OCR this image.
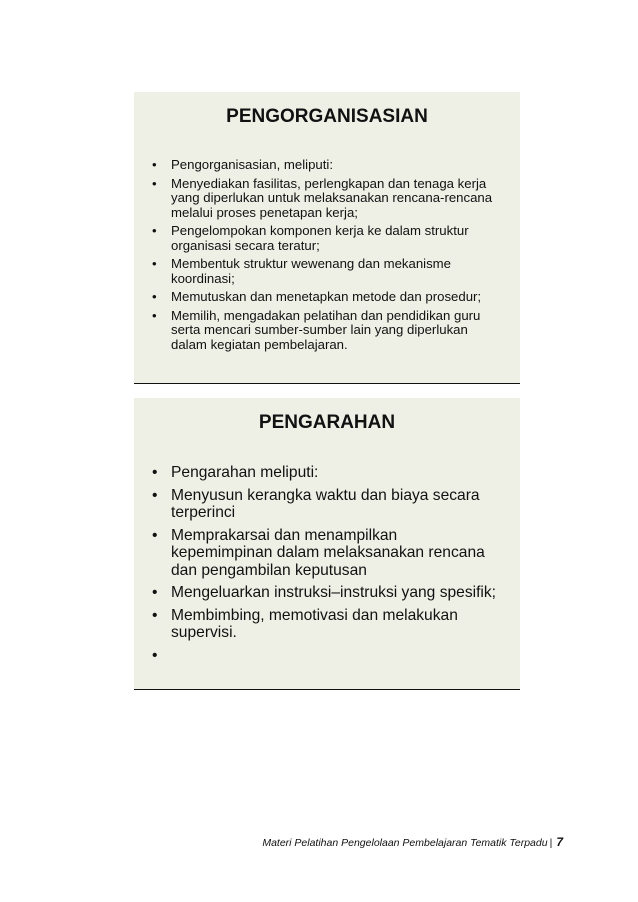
PENGORGANISASIAN
• Pengorganisasian, meliputi:
• Menyediakan fasilitas, perlengkapan dan tenaga kerja yang diperlukan untuk melaksanakan rencana-rencana melalui proses penetapan kerja;
• Pengelompokan komponen kerja ke dalam struktur organisasi secara teratur;
• Membentuk struktur wewenang dan mekanisme koordinasi;
• Memutuskan dan menetapkan metode dan prosedur;
• Memilih, mengadakan pelatihan dan pendidikan guru serta mencari sumber-sumber lain yang diperlukan dalam kegiatan pembelajaran.
PENGARAHAN
• Pengarahan meliputi:
• Menyusun kerangka waktu dan biaya secara terperinci
• Memprakarsai dan menampilkan kepemimpinan dalam melaksanakan rencana dan pengambilan keputusan
• Mengeluarkan instruksi–instruksi yang spesifik;
• Membimbing, memotivasi dan melakukan supervisi.
Materi Pelatihan Pengelolaan Pembelajaran Tematik Terpadu | 7
